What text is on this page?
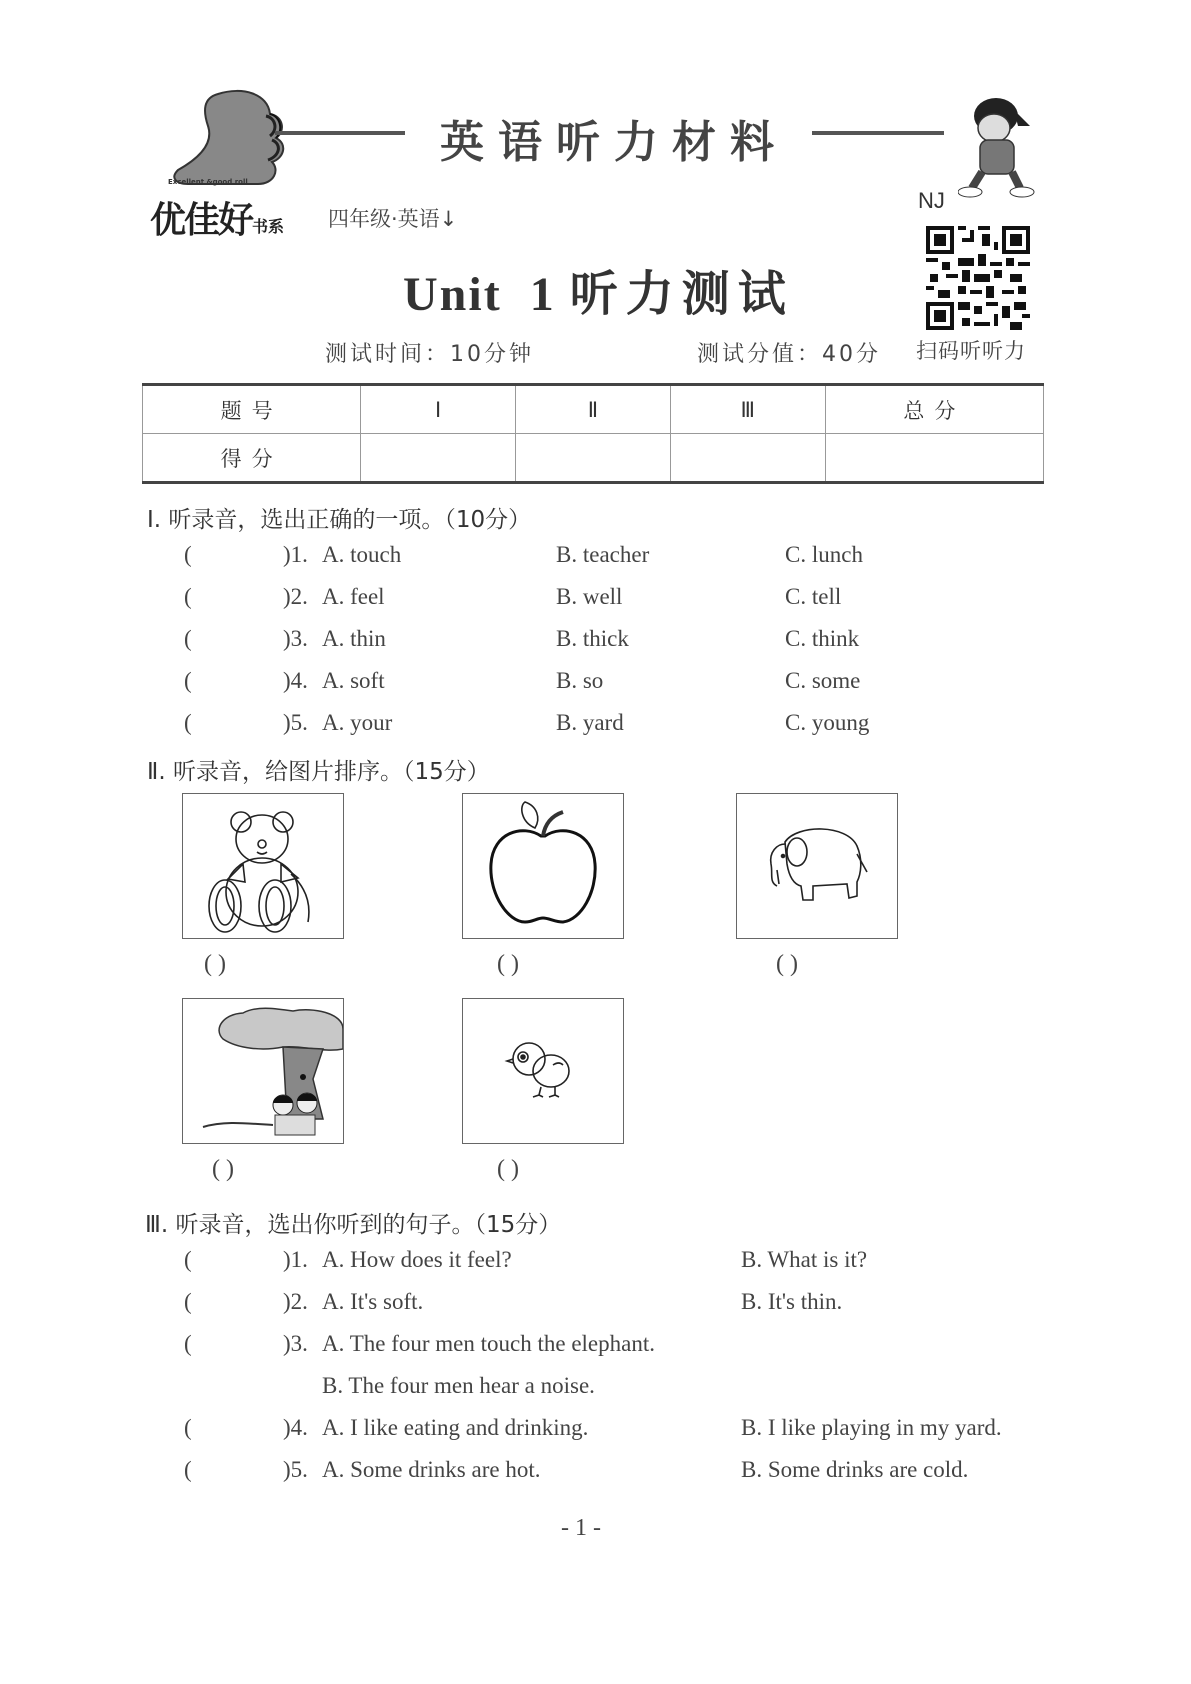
Excellent &good roll
优佳好书系 四年级·英语↓
英语听力材料
NJ
扫码听听力
Unit 1 听力测试
测试时间：10分钟	测试分值：40分
题号	Ⅰ	Ⅱ	Ⅲ	总分
得分				
Ⅰ. 听录音，选出正确的一项。（10分）
(	)1. A. touch	B. teacher	C. lunch
(	)2. A. feel	B. well	C. tell
(	)3. A. thin	B. thick	C. think
(	)4. A. soft	B. so	C. some
(	)5. A. your	B. yard	C. young
Ⅱ. 听录音，给图片排序。（15分）
( )	( )	( )
( )	( )
Ⅲ. 听录音，选出你听到的句子。（15分）
(	)1. A. How does it feel?	B. What is it?
(	)2. A. It's soft.	B. It's thin.
(	)3. A. The four men touch the elephant.
B. The four men hear a noise.
(	)4. A. I like eating and drinking.	B. I like playing in my yard.
(	)5. A. Some drinks are hot.	B. Some drinks are cold.
- 1 -
